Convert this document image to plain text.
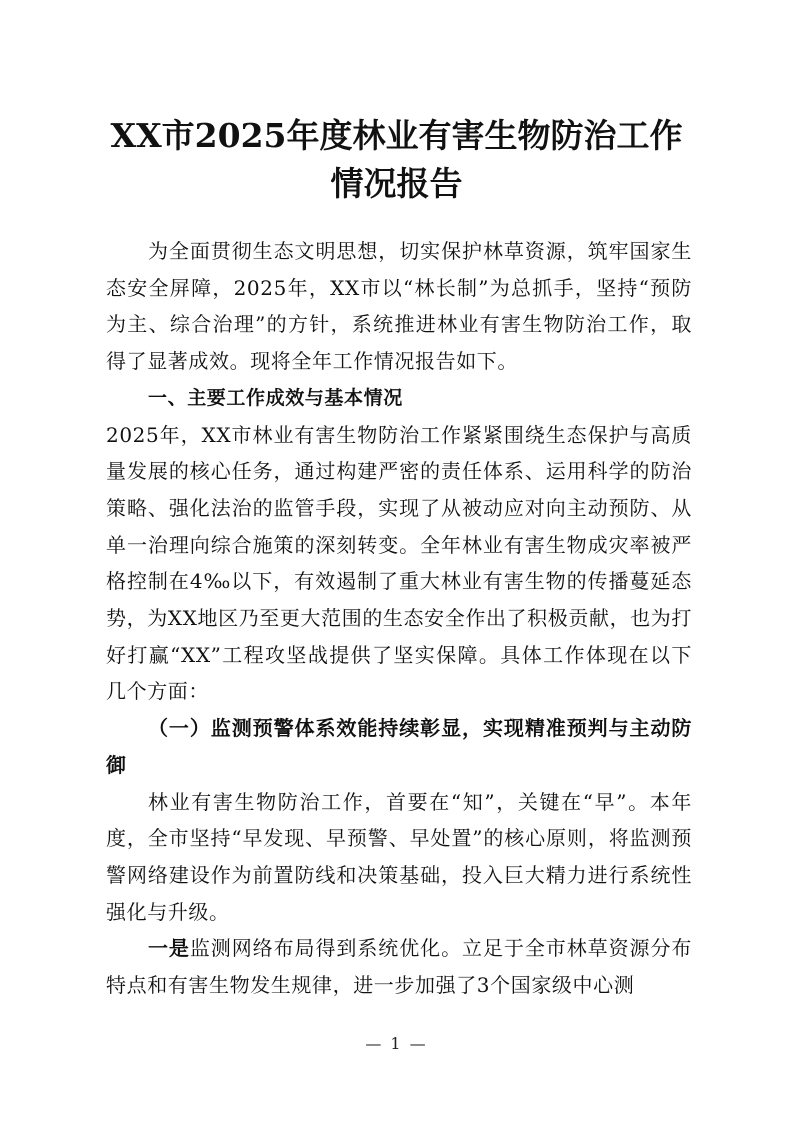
XX市2025年度林业有害生物防治工作情况报告

为全面贯彻生态文明思想，切实保护林草资源，筑牢国家生态安全屏障，2025年，XX市以“林长制”为总抓手，坚持“预防为主、综合治理”的方针，系统推进林业有害生物防治工作，取得了显著成效。现将全年工作情况报告如下。

一、主要工作成效与基本情况

2025年，XX市林业有害生物防治工作紧紧围绕生态保护与高质量发展的核心任务，通过构建严密的责任体系、运用科学的防治策略、强化法治的监管手段，实现了从被动应对向主动预防、从单一治理向综合施策的深刻转变。全年林业有害生物成灾率被严格控制在4‰以下，有效遏制了重大林业有害生物的传播蔓延态势，为XX地区乃至更大范围的生态安全作出了积极贡献，也为打好打赢“XX”工程攻坚战提供了坚实保障。具体工作体现在以下几个方面：

（一）监测预警体系效能持续彰显，实现精准预判与主动防御

林业有害生物防治工作，首要在“知”，关键在“早”。本年度，全市坚持“早发现、早预警、早处置”的核心原则，将监测预警网络建设作为前置防线和决策基础，投入巨大精力进行系统性强化与升级。

一是监测网络布局得到系统优化。立足于全市林草资源分布特点和有害生物发生规律，进一步加强了3个国家级中心测

— 1 —
